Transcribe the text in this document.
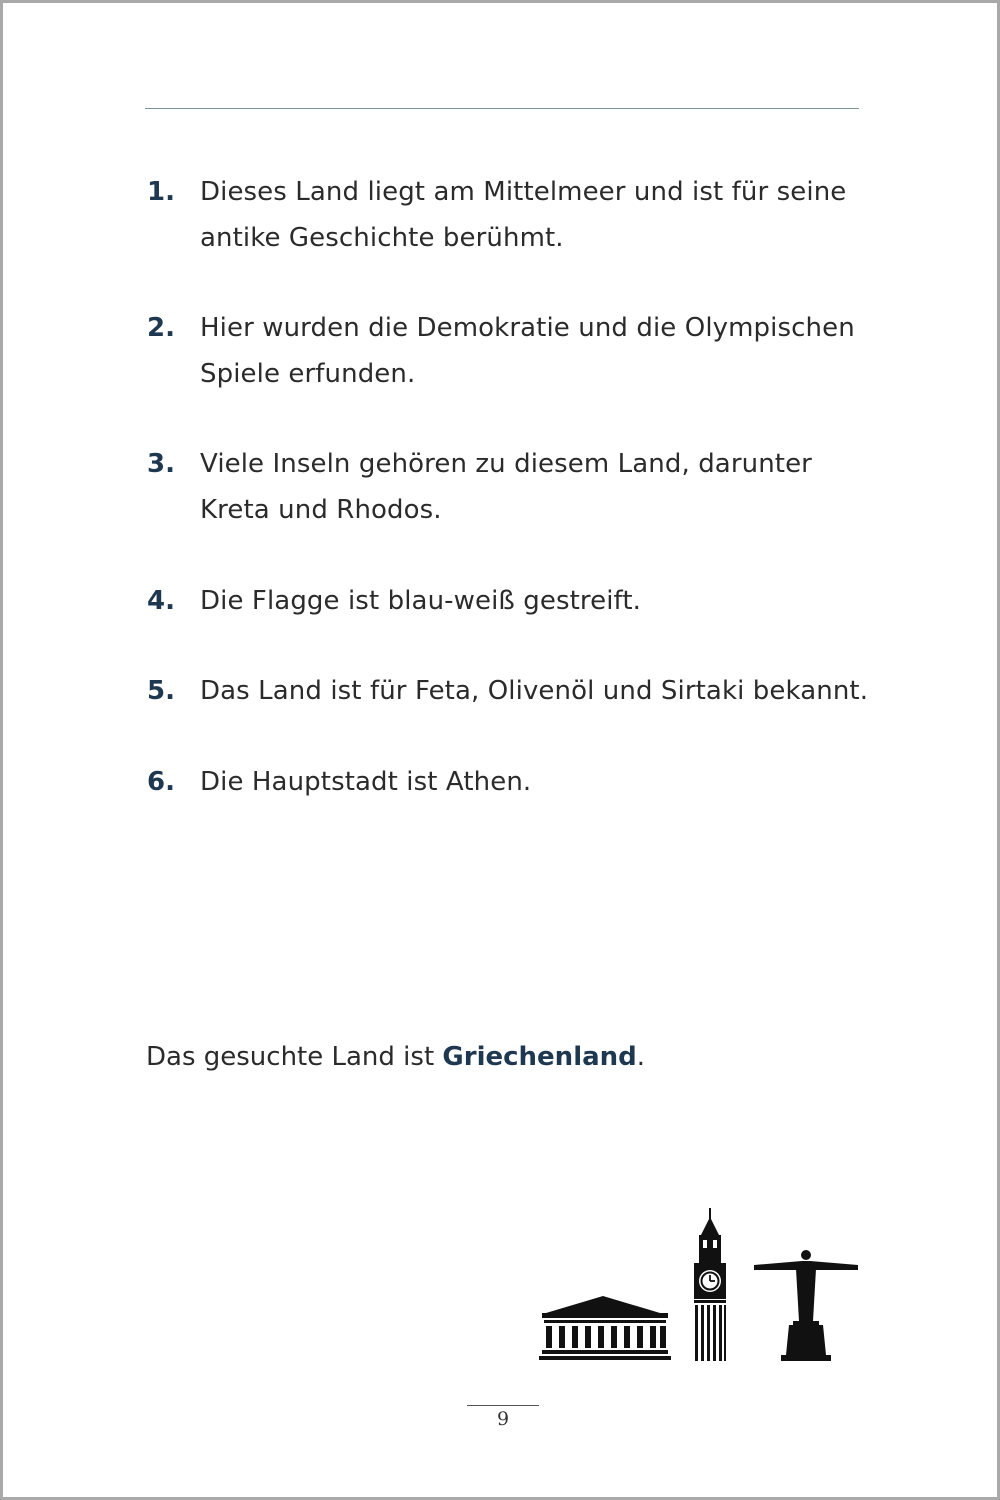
1. Dieses Land liegt am Mittelmeer und ist für seine antike Geschichte berühmt.
2. Hier wurden die Demokratie und die Olympischen Spiele erfunden.
3. Viele Inseln gehören zu diesem Land, darunter Kreta und Rhodos.
4. Die Flagge ist blau-weiß gestreift.
5. Das Land ist für Feta, Olivenöl und Sirtaki bekannt.
6. Die Hauptstadt ist Athen.
Das gesuchte Land ist Griechenland.
9
